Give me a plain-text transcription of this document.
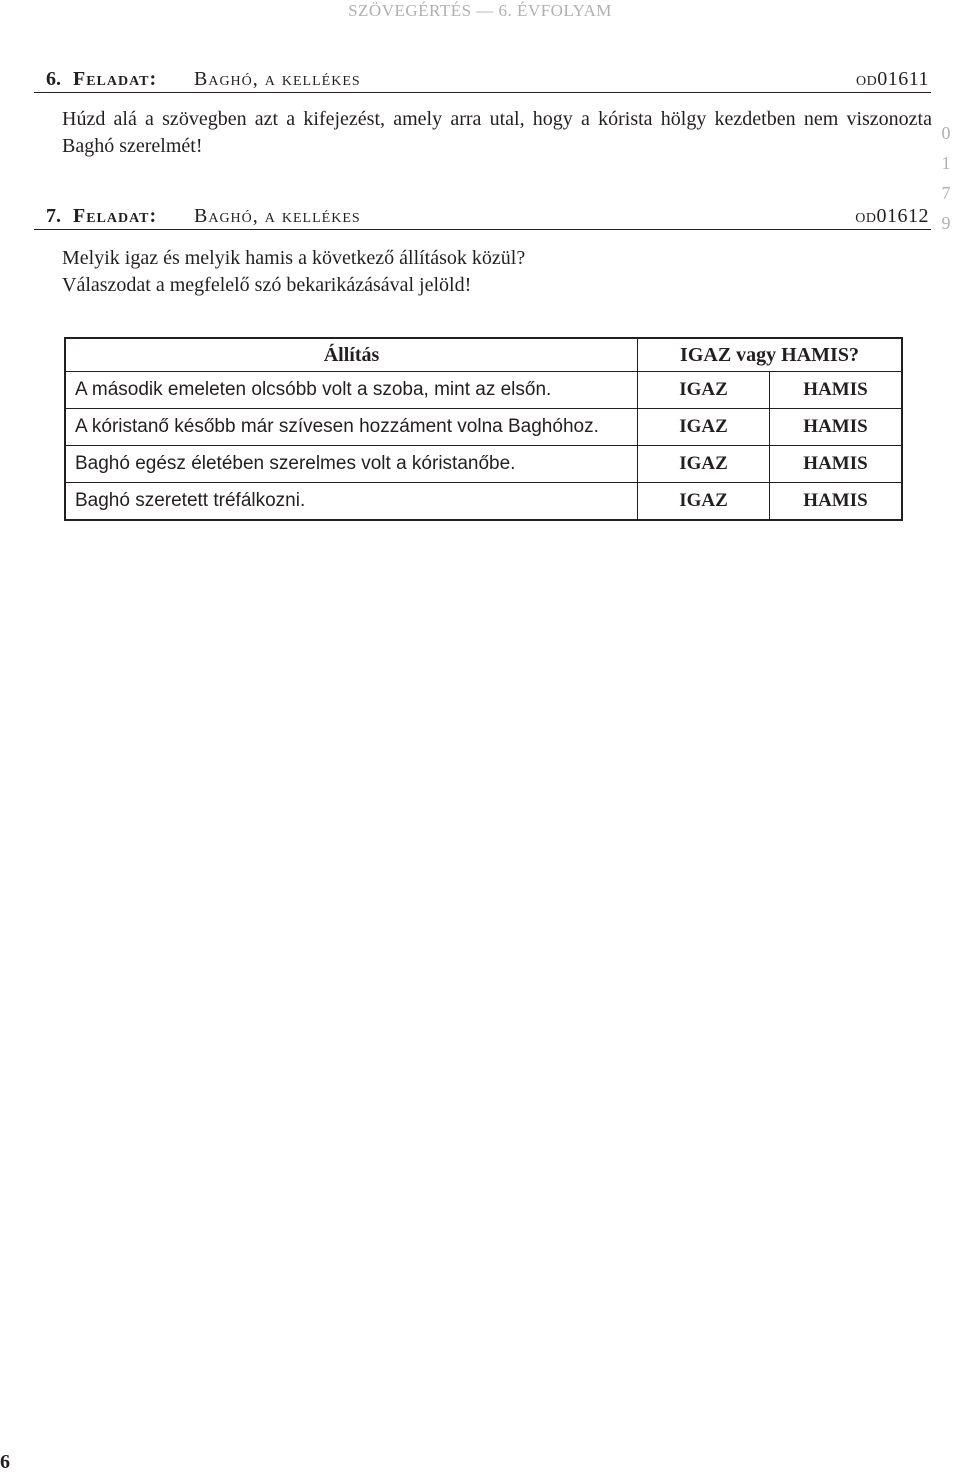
SZÖVEGÉRTÉS — 6. ÉVFOLYAM
6. Feladat: Baghó, a kellékes	od01611

Húzd alá a szövegben azt a kifejezést, amely arra utal, hogy a kórista hölgy kezdetben nem viszonozta Baghó szerelmét!

0
1
7
9
7. Feladat: Baghó, a kellékes	od01612

Melyik igaz és melyik hamis a következő állítások közül?

Válaszodat a megfelelő szó bekarikázásával jelöld!

Állítás	IGAZ vagy HAMIS?	
A második emeleten olcsóbb volt a szoba, mint az elsőn.	IGAZ	HAMIS
A kóristanő később már szívesen hozzáment volna Baghóhoz.	IGAZ	HAMIS
Baghó egész életében szerelmes volt a kóristanőbe.	IGAZ	HAMIS
Baghó szeretett tréfálkozni.	IGAZ	HAMIS
6
